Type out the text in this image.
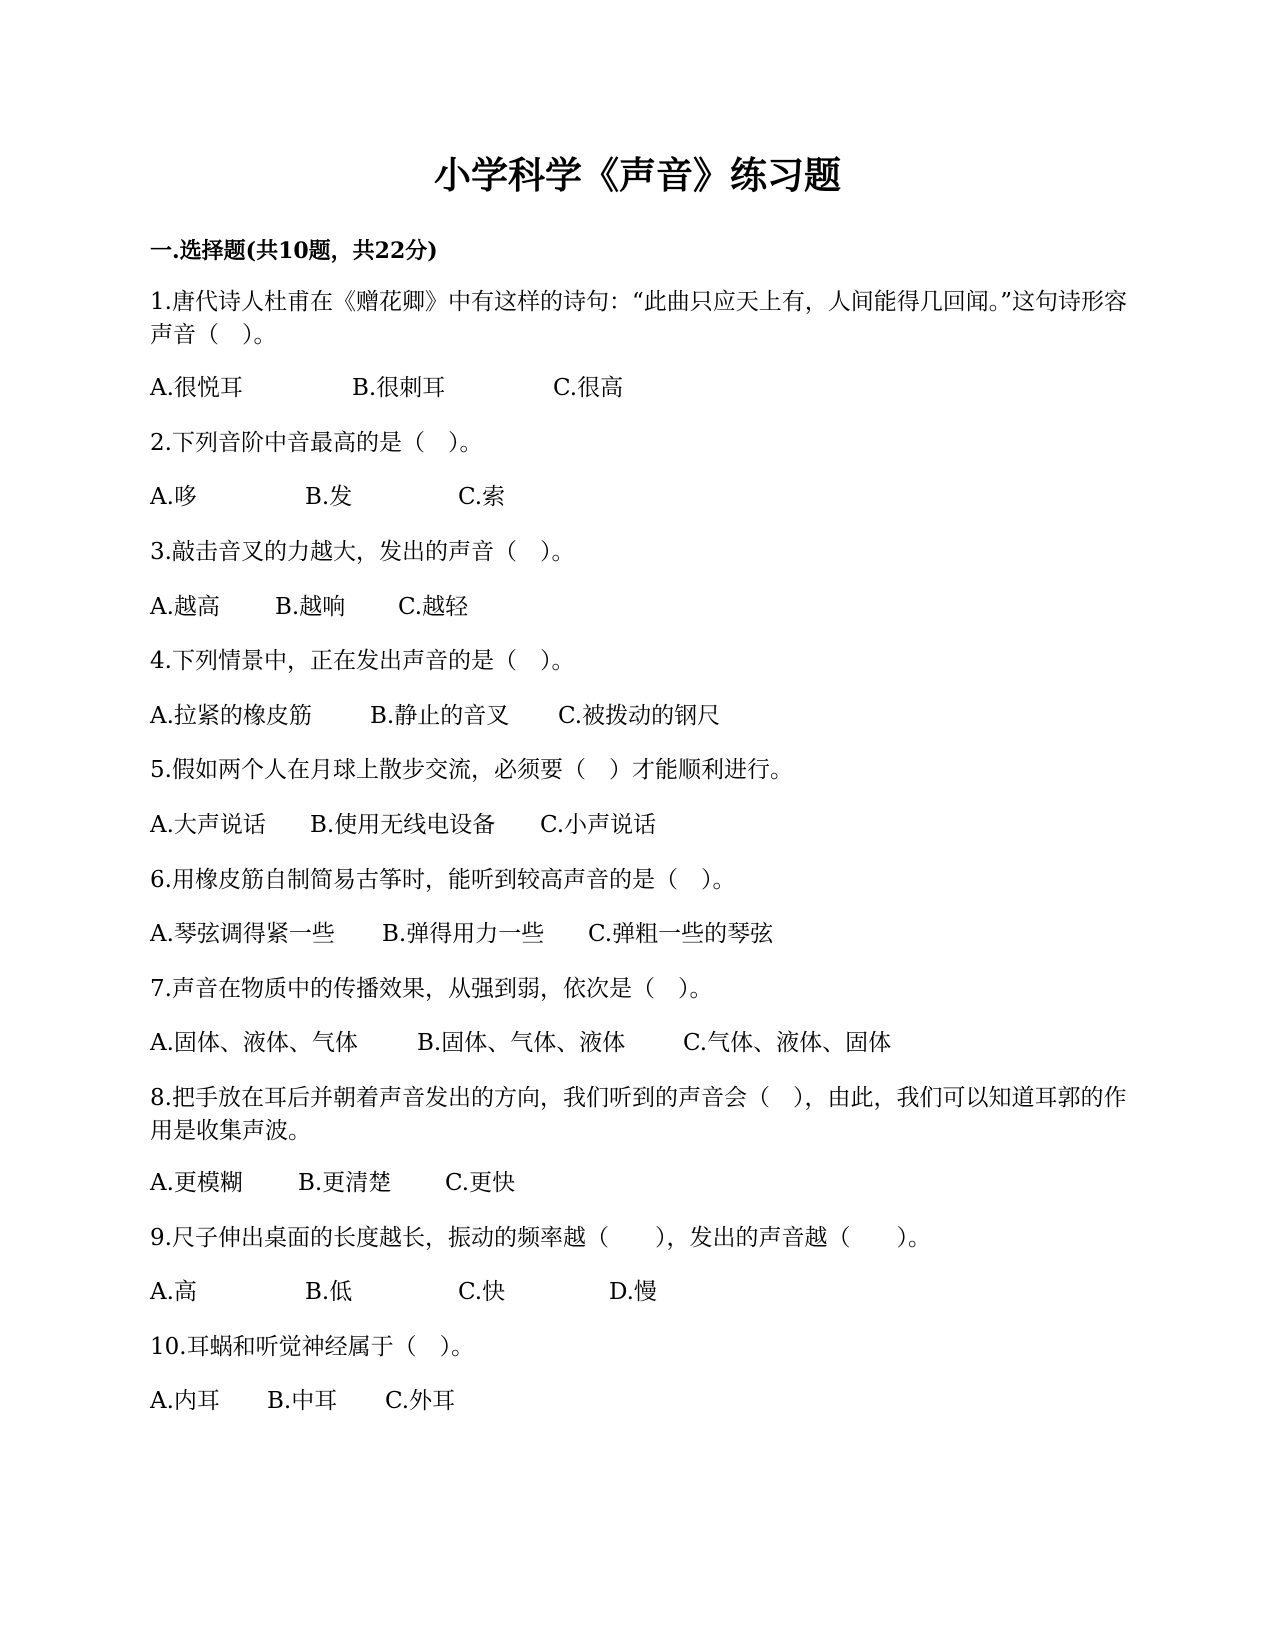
小学科学《声音》练习题
一.选择题(共10题，共22分)

1.唐代诗人杜甫在《赠花卿》中有这样的诗句：“此曲只应天上有，人间能得几回闻。”这句诗形容声音（　）。

A.很悦耳	B.很刺耳	C.很高

2.下列音阶中音最高的是（　）。

A.哆	B.发	C.索

3.敲击音叉的力越大，发出的声音（　）。

A.越高 B.越响 C.越轻

4.下列情景中，正在发出声音的是（　）。

A.拉紧的橡皮筋	B.静止的音叉 C.被拨动的钢尺

5.假如两个人在月球上散步交流，必须要（　）才能顺利进行。

A.大声说话 B.使用无线电设备 C.小声说话

6.用橡皮筋自制简易古筝时，能听到较高声音的是（　）。

A.琴弦调得紧一些 B.弹得用力一些 C.弹粗一些的琴弦

7.声音在物质中的传播效果，从强到弱，依次是（　）。

A.固体、液体、气体	B.固体、气体、液体	C.气体、液体、固体

8.把手放在耳后并朝着声音发出的方向，我们听到的声音会（　），由此，我们可以知道耳郭的作用是收集声波。

A.更模糊 B.更清楚 C.更快

9.尺子伸出桌面的长度越长，振动的频率越（　　），发出的声音越（　　）。

A.高	B.低	C.快	D.慢

10.耳蜗和听觉神经属于（　）。

A.内耳 B.中耳 C.外耳
